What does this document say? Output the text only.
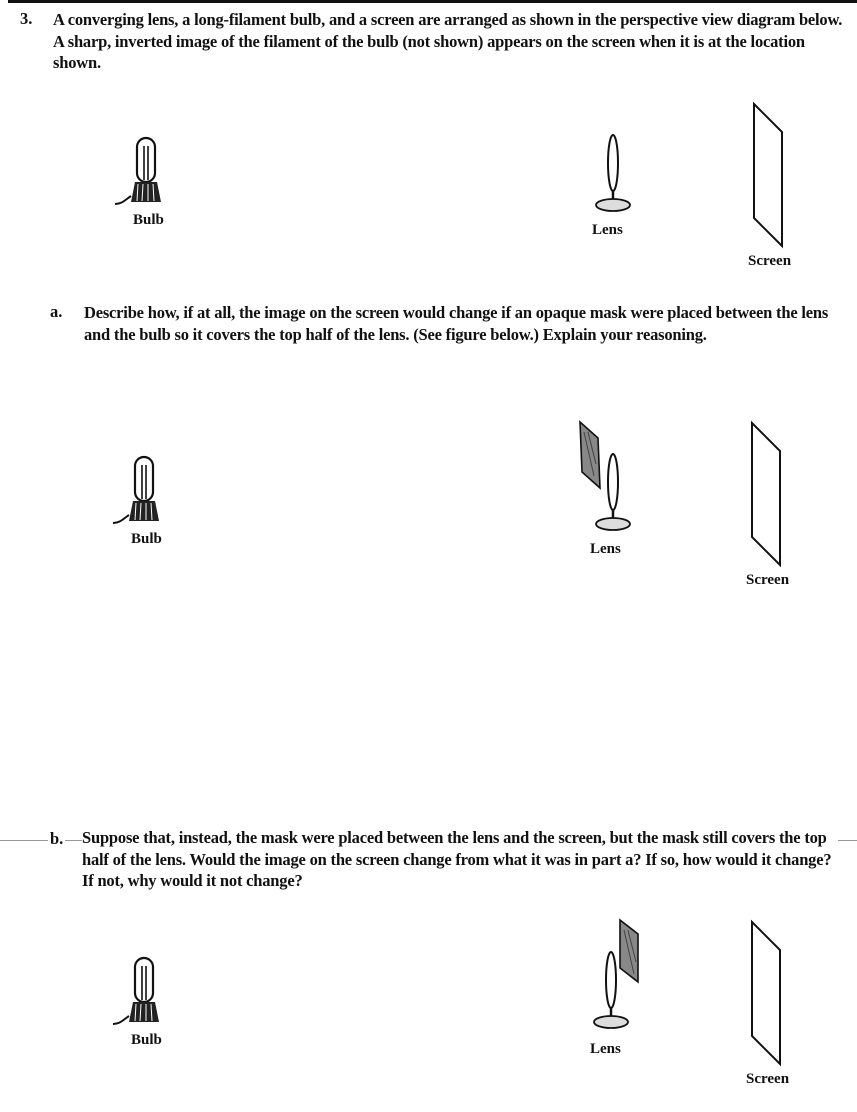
3. A converging lens, a long-filament bulb, and a screen are arranged as shown in the perspective view diagram below. A sharp, inverted image of the filament of the bulb (not shown) appears on the screen when it is at the location shown.
Bulb
Lens
Screen
a. Describe how, if at all, the image on the screen would change if an opaque mask were placed between the lens and the bulb so it covers the top half of the lens. (See figure below.) Explain your reasoning.
Bulb
Lens
Screen
b. Suppose that, instead, the mask were placed between the lens and the screen, but the mask still covers the top half of the lens. Would the image on the screen change from what it was in part a? If so, how would it change? If not, why would it not change?
Bulb
Lens
Screen
